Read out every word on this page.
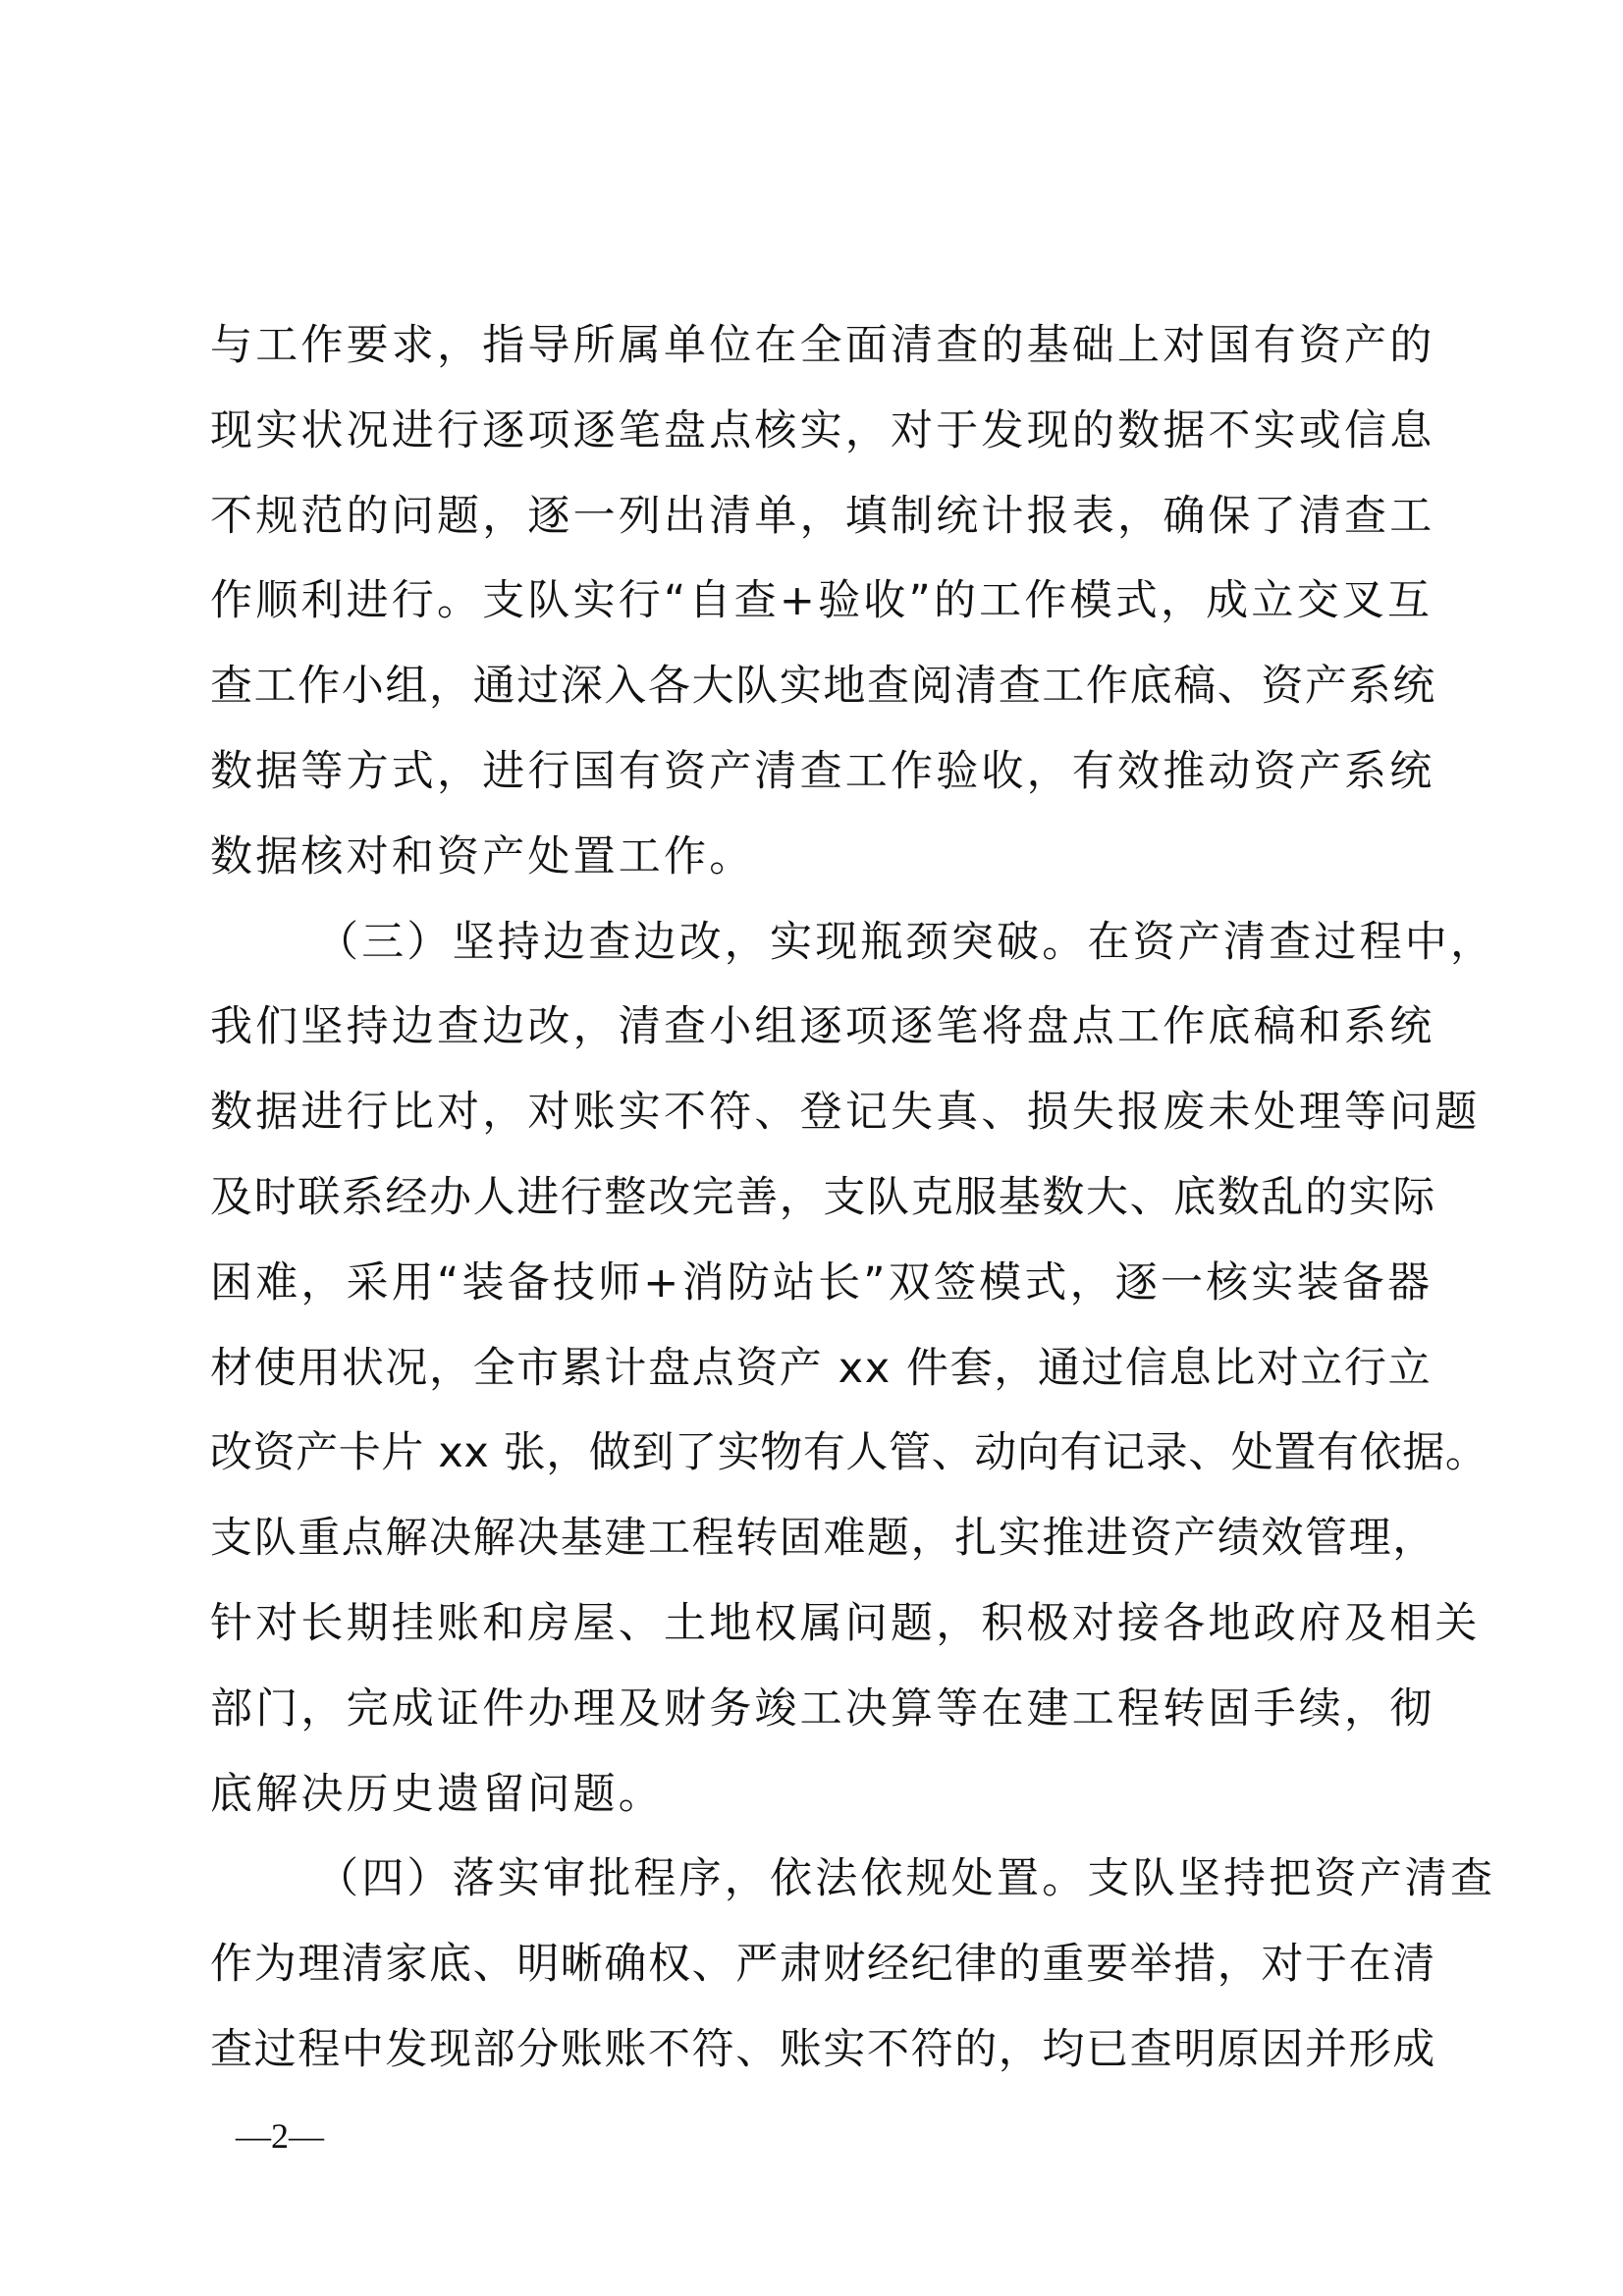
与工作要求，指导所属单位在全面清查的基础上对国有资产的
现实状况进行逐项逐笔盘点核实，对于发现的数据不实或信息
不规范的问题，逐一列出清单，填制统计报表，确保了清查工
作顺利进行。支队实行“自查+验收”的工作模式，成立交叉互
查工作小组，通过深入各大队实地查阅清查工作底稿、资产系统
数据等方式，进行国有资产清查工作验收，有效推动资产系统
数据核对和资产处置工作。
（三）坚持边查边改，实现瓶颈突破。在资产清查过程中，
我们坚持边查边改，清查小组逐项逐笔将盘点工作底稿和系统
数据进行比对，对账实不符、登记失真、损失报废未处理等问题
及时联系经办人进行整改完善，支队克服基数大、底数乱的实际
困难，采用“装备技师+消防站长”双签模式，逐一核实装备器
材使用状况，全市累计盘点资产 xx 件套，通过信息比对立行立
改资产卡片 xx 张，做到了实物有人管、动向有记录、处置有依据。
支队重点解决解决基建工程转固难题，扎实推进资产绩效管理，
针对长期挂账和房屋、土地权属问题，积极对接各地政府及相关
部门，完成证件办理及财务竣工决算等在建工程转固手续，彻
底解决历史遗留问题。
（四）落实审批程序，依法依规处置。支队坚持把资产清查
作为理清家底、明晰确权、严肃财经纪律的重要举措，对于在清
查过程中发现部分账账不符、账实不符的，均已查明原因并形成
—2—
